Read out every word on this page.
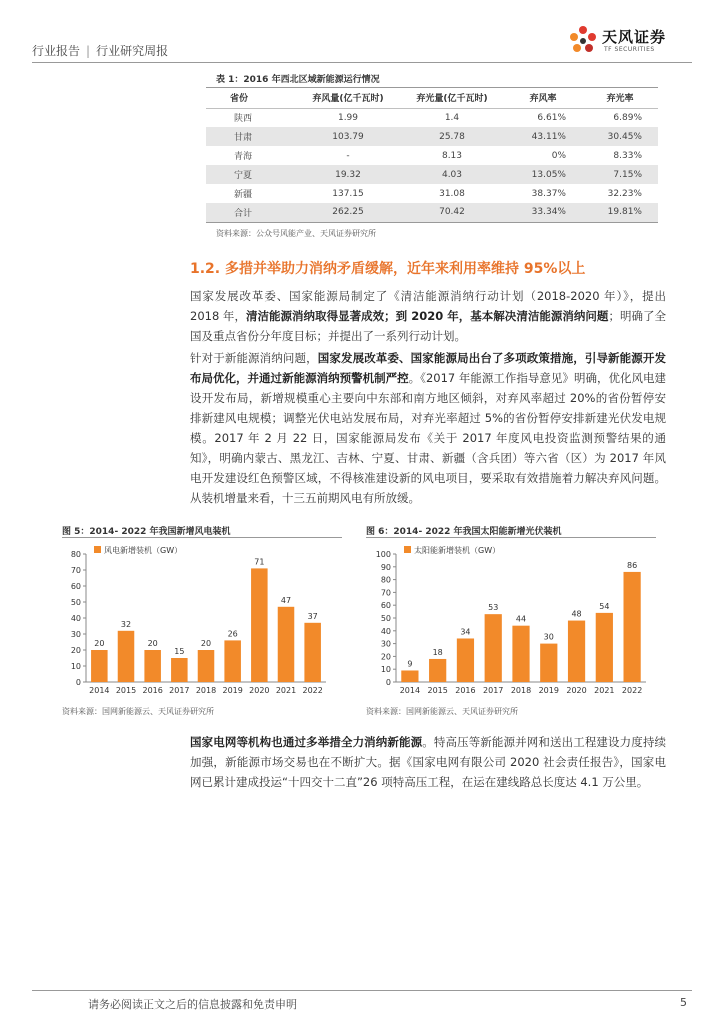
行业报告 | 行业研究周报
天风证券
TF SECURITIES
表 1：2016 年西北区域新能源运行情况
省份	弃风量(亿千瓦时)	弃光量(亿千瓦时)	弃风率	弃光率
陕西	1.99	1.4	6.61%	6.89%
甘肃	103.79	25.78	43.11%	30.45%
青海	-	8.13	0%	8.33%
宁夏	19.32	4.03	13.05%	7.15%
新疆	137.15	31.08	38.37%	32.23%
合计	262.25	70.42	33.34%	19.81%
资料来源：公众号风能产业、天风证券研究所
1.2. 多措并举助力消纳矛盾缓解，近年来利用率维持 95%以上
国家发展改革委、国家能源局制定了《清洁能源消纳行动计划（2018-2020 年）》，提出 2018 年，清洁能源消纳取得显著成效；到 2020 年，基本解决清洁能源消纳问题；明确了全国及重点省份分年度目标；并提出了一系列行动计划。
针对于新能源消纳问题，国家发展改革委、国家能源局出台了多项政策措施，引导新能源开发布局优化，并通过新能源消纳预警机制严控。《2017 年能源工作指导意见》明确，优化风电建设开发布局，新增规模重心主要向中东部和南方地区倾斜，对弃风率超过 20%的省份暂停安排新建风电规模；调整光伏电站发展布局，对弃光率超过 5%的省份暂停安排新建光伏发电规模。2017 年 2 月 22 日，国家能源局发布《关于 2017 年度风电投资监测预警结果的通知》，明确内蒙古、黑龙江、吉林、宁夏、甘肃、新疆（含兵团）等六省（区）为 2017 年风电开发建设红色预警区域，不得核准建设新的风电项目，要采取有效措施着力解决弃风问题。从装机增量来看，十三五前期风电有所放缓。
图 5：2014- 2022 年我国新增风电装机
0
10
20
30
40
50
60
70
80
20
2014
32
2015
20
2016
15
2017
20
2018
26
2019
71
2020
47
2021
37
2022
风电新增装机（GW）
资料来源：国网新能源云、天风证券研究所
图 6：2014- 2022 年我国太阳能新增光伏装机
0
10
20
30
40
50
60
70
80
90
100
9
2014
18
2015
34
2016
53
2017
44
2018
30
2019
48
2020
54
2021
86
2022
太阳能新增装机（GW）
资料来源：国网新能源云、天风证券研究所
国家电网等机构也通过多举措全力消纳新能源。特高压等新能源并网和送出工程建设力度持续加强，新能源市场交易也在不断扩大。据《国家电网有限公司 2020 社会责任报告》，国家电网已累计建成投运“十四交十二直”26 项特高压工程，在运在建线路总长度达 4.1 万公里。
请务必阅读正文之后的信息披露和免责申明	5
